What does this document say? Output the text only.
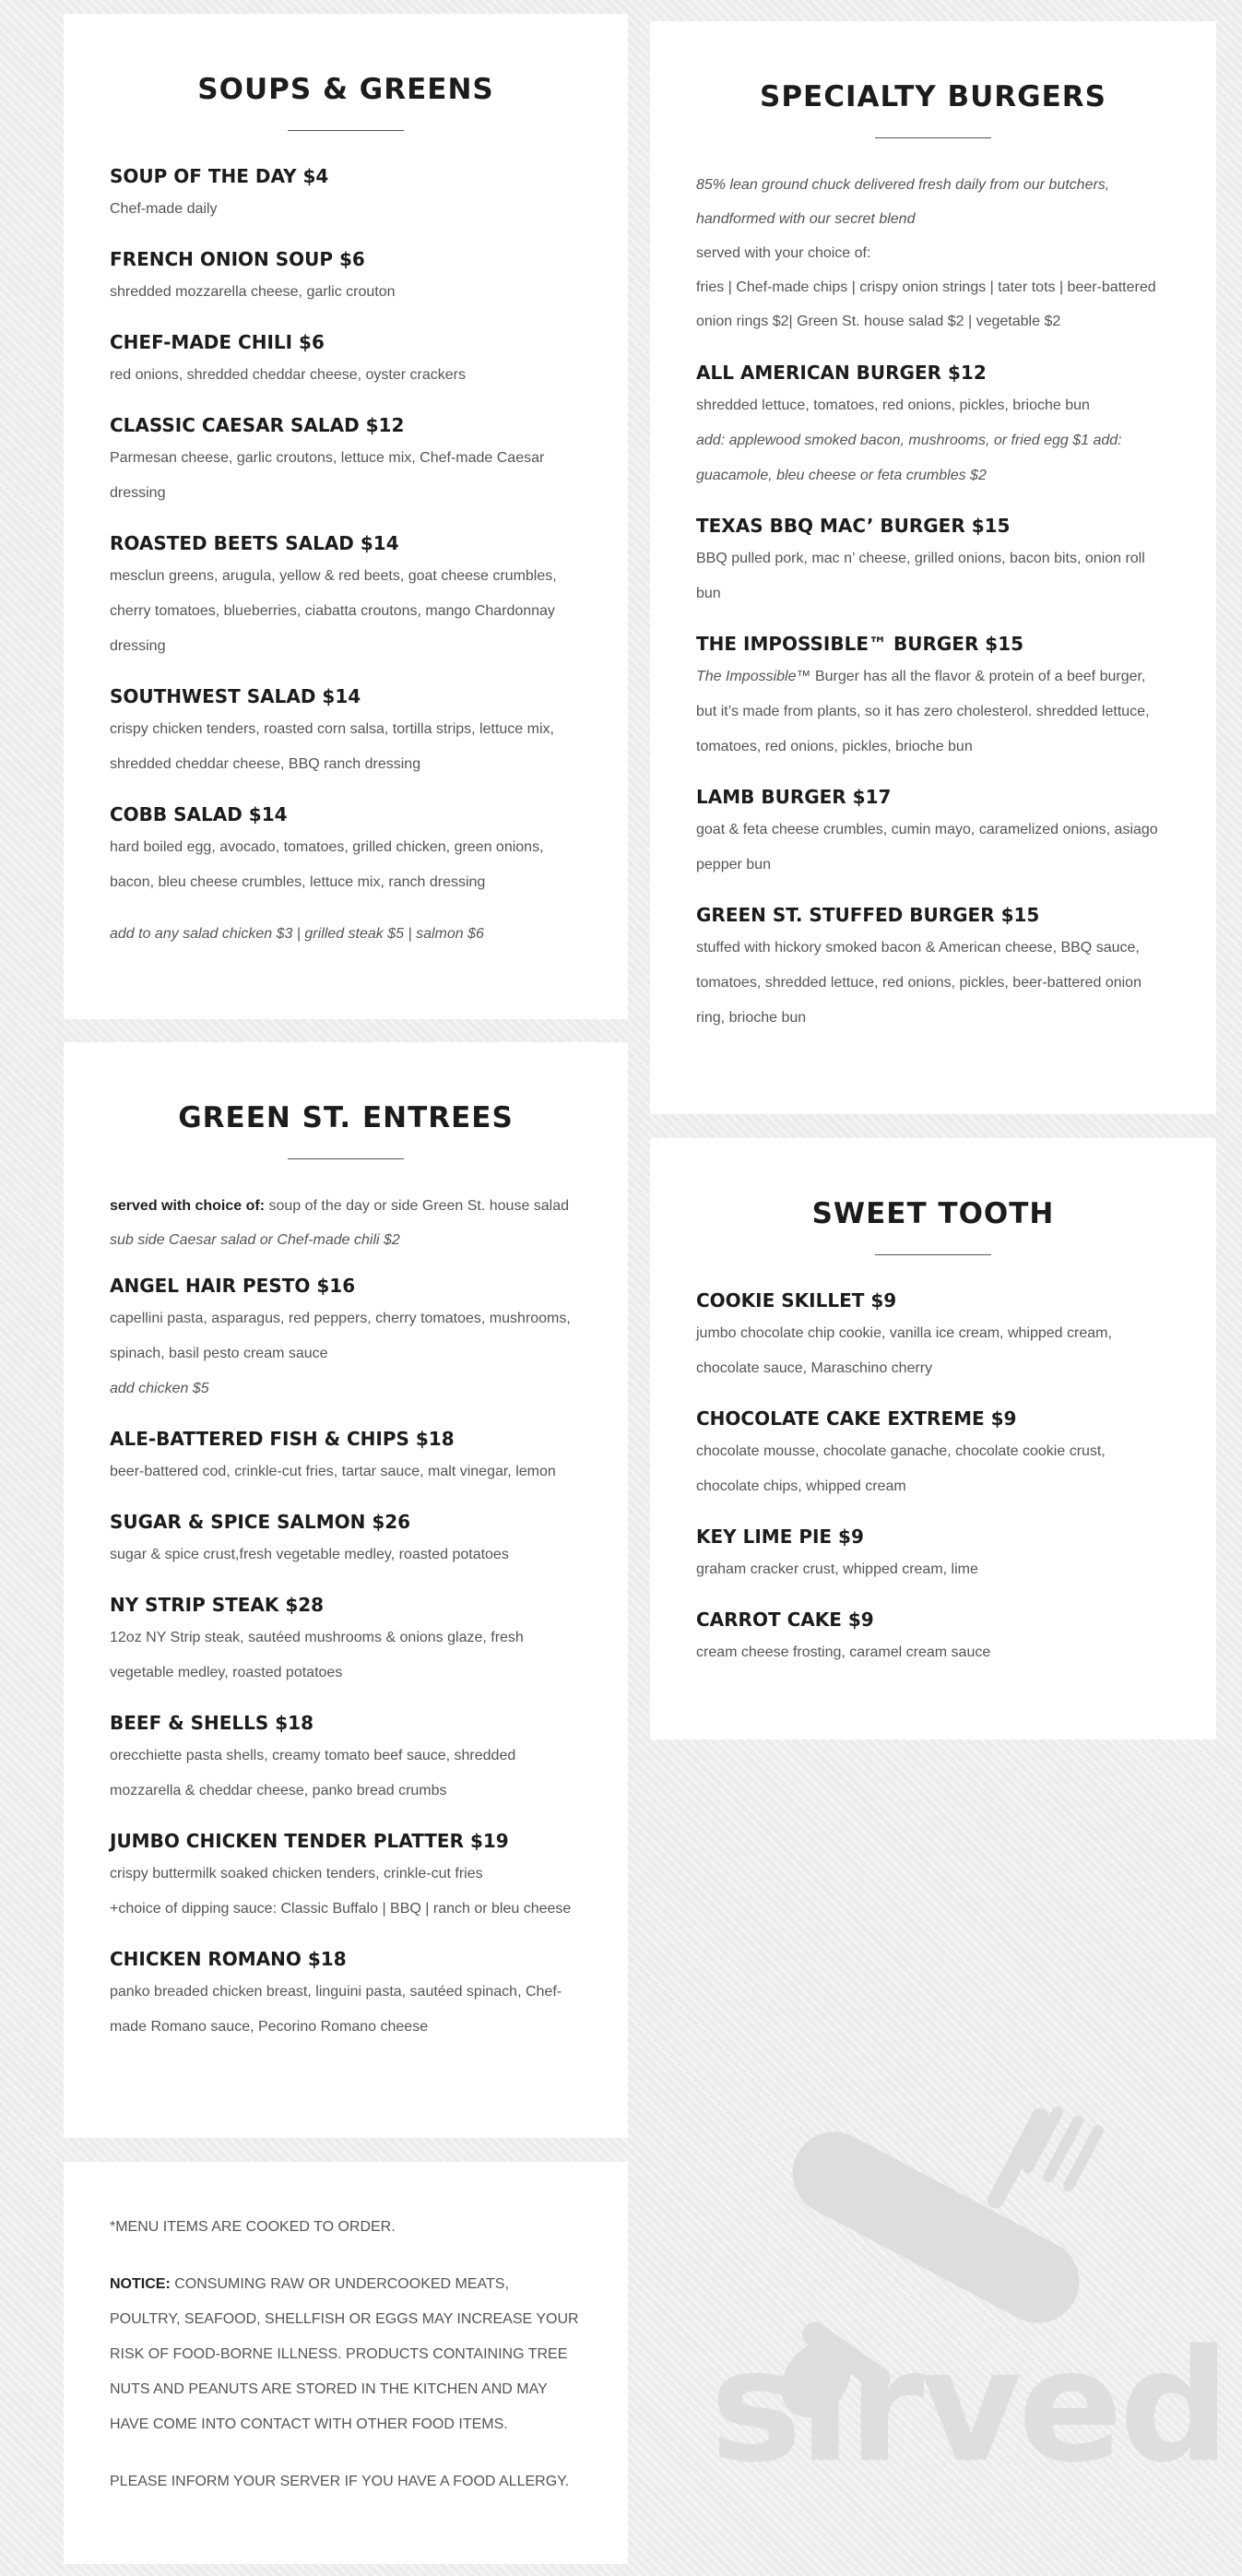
SOUPS & GREENS
SOUP OF THE DAY $4
Chef-made daily
FRENCH ONION SOUP $6
shredded mozzarella cheese, garlic crouton
CHEF-MADE CHILI $6
red onions, shredded cheddar cheese, oyster crackers
CLASSIC CAESAR SALAD $12
Parmesan cheese, garlic croutons, lettuce mix, Chef-made Caesar dressing
ROASTED BEETS SALAD $14
mesclun greens, arugula, yellow & red beets, goat cheese crumbles, cherry tomatoes, blueberries, ciabatta croutons, mango Chardonnay dressing
SOUTHWEST SALAD $14
crispy chicken tenders, roasted corn salsa, tortilla strips, lettuce mix, shredded cheddar cheese, BBQ ranch dressing
COBB SALAD $14
hard boiled egg, avocado, tomatoes, grilled chicken, green onions, bacon, bleu cheese crumbles, lettuce mix, ranch dressing
add to any salad chicken $3 | grilled steak $5 | salmon $6
SPECIALTY BURGERS
85% lean ground chuck delivered fresh daily from our butchers, handformed with our secret blend
served with your choice of:
fries | Chef-made chips | crispy onion strings | tater tots | beer-battered onion rings $2| Green St. house salad $2 | vegetable $2
ALL AMERICAN BURGER $12
shredded lettuce, tomatoes, red onions, pickles, brioche bun
add: applewood smoked bacon, mushrooms, or fried egg $1 add: guacamole, bleu cheese or feta crumbles $2
TEXAS BBQ MAC’ BURGER $15
BBQ pulled pork, mac n’ cheese, grilled onions, bacon bits, onion roll bun
THE IMPOSSIBLE™ BURGER $15
The Impossible™ Burger has all the flavor & protein of a beef burger, but it’s made from plants, so it has zero cholesterol. shredded lettuce, tomatoes, red onions, pickles, brioche bun
LAMB BURGER $17
goat & feta cheese crumbles, cumin mayo, caramelized onions, asiago pepper bun
GREEN ST. STUFFED BURGER $15
stuffed with hickory smoked bacon & American cheese, BBQ sauce, tomatoes, shredded lettuce, red onions, pickles, beer-battered onion ring, brioche bun
GREEN ST. ENTREES
served with choice of: soup of the day or side Green St. house salad
sub side Caesar salad or Chef-made chili $2
ANGEL HAIR PESTO $16
capellini pasta, asparagus, red peppers, cherry tomatoes, mushrooms, spinach, basil pesto cream sauce
add chicken $5
ALE-BATTERED FISH & CHIPS $18
beer-battered cod, crinkle-cut fries, tartar sauce, malt vinegar, lemon
SUGAR & SPICE SALMON $26
sugar & spice crust,fresh vegetable medley, roasted potatoes
NY STRIP STEAK $28
12oz NY Strip steak, sautéed mushrooms & onions glaze, fresh vegetable medley, roasted potatoes
BEEF & SHELLS $18
orecchiette pasta shells, creamy tomato beef sauce, shredded mozzarella & cheddar cheese, panko bread crumbs
JUMBO CHICKEN TENDER PLATTER $19
crispy buttermilk soaked chicken tenders, crinkle-cut fries
+choice of dipping sauce: Classic Buffalo | BBQ | ranch or bleu cheese
CHICKEN ROMANO $18
panko breaded chicken breast, linguini pasta, sautéed spinach, Chef-made Romano sauce, Pecorino Romano cheese
SWEET TOOTH
COOKIE SKILLET $9
jumbo chocolate chip cookie, vanilla ice cream, whipped cream, chocolate sauce, Maraschino cherry
CHOCOLATE CAKE EXTREME $9
chocolate mousse, chocolate ganache, chocolate cookie crust, chocolate chips, whipped cream
KEY LIME PIE $9
graham cracker crust, whipped cream, lime
CARROT CAKE $9
cream cheese frosting, caramel cream sauce
*MENU ITEMS ARE COOKED TO ORDER.
NOTICE: CONSUMING RAW OR UNDERCOOKED MEATS, POULTRY, SEAFOOD, SHELLFISH OR EGGS MAY INCREASE YOUR RISK OF FOOD-BORNE ILLNESS. PRODUCTS CONTAINING TREE NUTS AND PEANUTS ARE STORED IN THE KITCHEN AND MAY HAVE COME INTO CONTACT WITH OTHER FOOD ITEMS.
PLEASE INFORM YOUR SERVER IF YOU HAVE A FOOD ALLERGY. sirved
